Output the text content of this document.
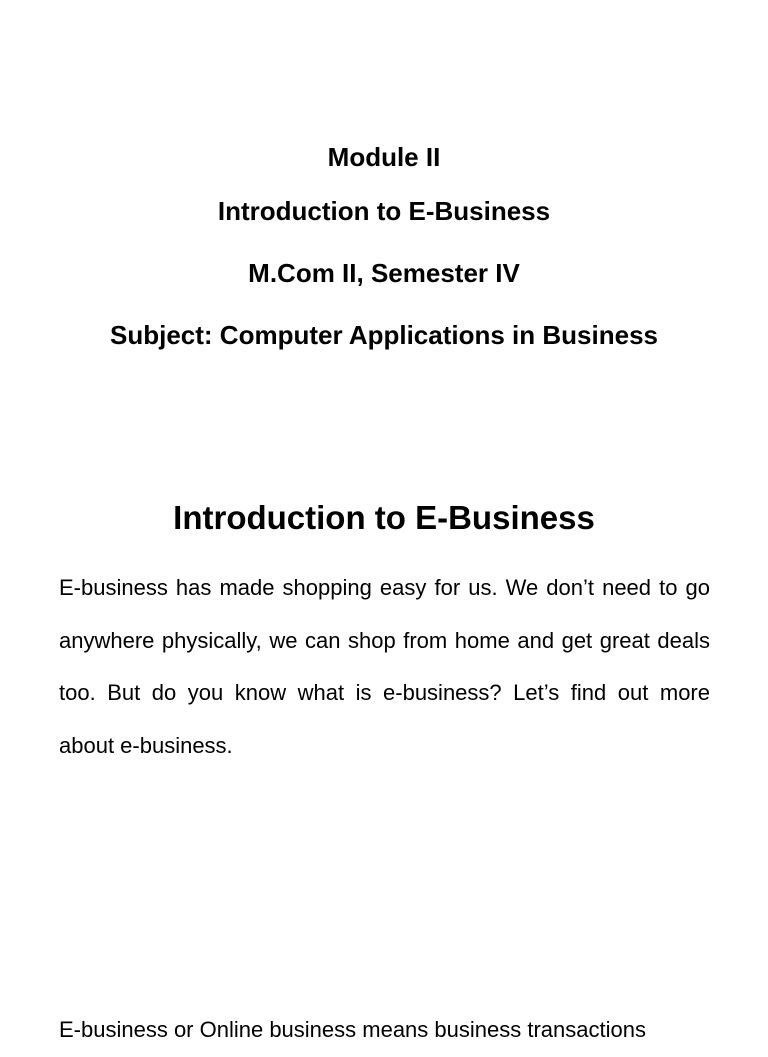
Module II
Introduction to E-Business
M.Com II, Semester IV
Subject: Computer Applications in Business
Introduction to E-Business

E-business has made shopping easy for us. We don’t need to go anywhere physically, we can shop from home and get great deals too. But do you know what is e-business? Let’s find out more about e-business.

E-business or Online business means business transactions
